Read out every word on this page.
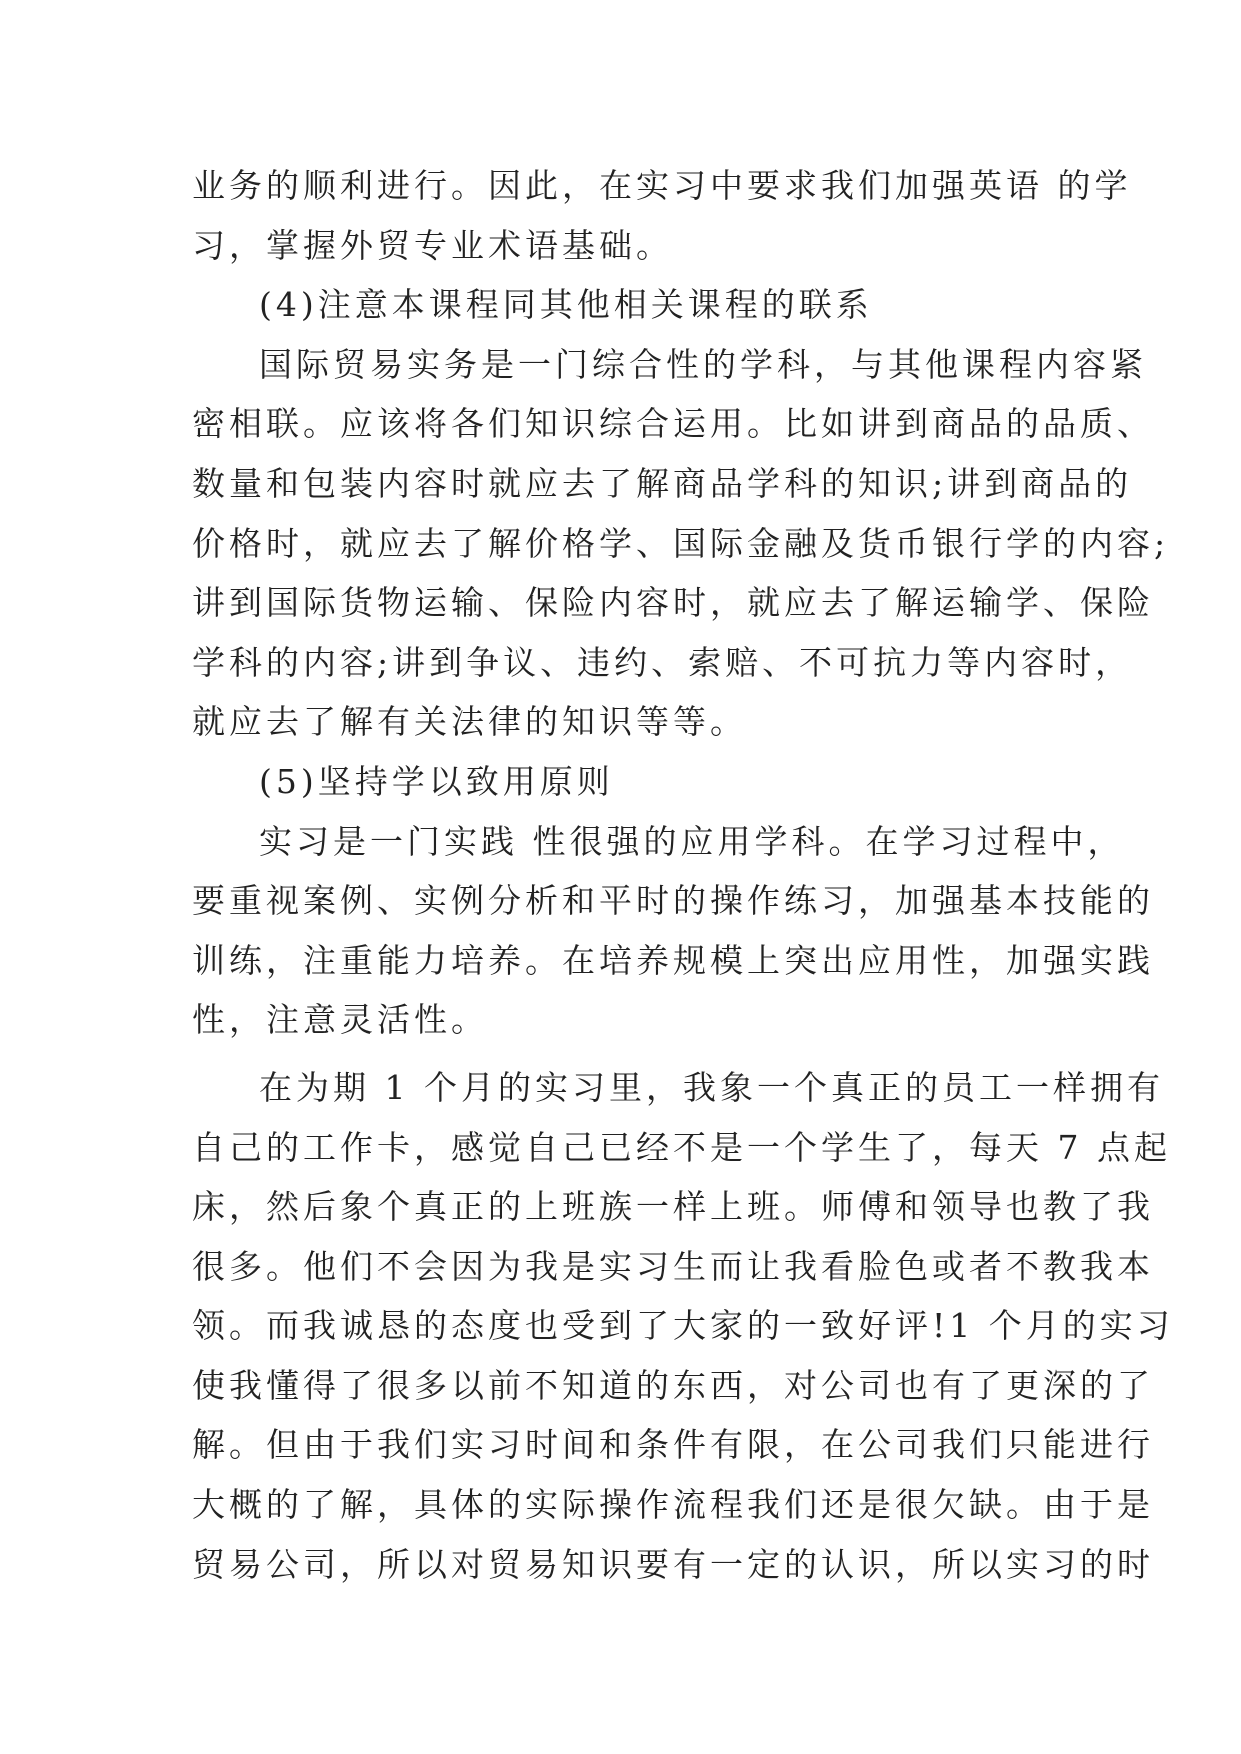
业务的顺利进行。因此，在实习中要求我们加强英语 的学
习，掌握外贸专业术语基础。
(4)注意本课程同其他相关课程的联系
国际贸易实务是一门综合性的学科，与其他课程内容紧
密相联。应该将各们知识综合运用。比如讲到商品的品质、
数量和包装内容时就应去了解商品学科的知识;讲到商品的
价格时，就应去了解价格学、国际金融及货币银行学的内容;
讲到国际货物运输、保险内容时，就应去了解运输学、保险
学科的内容;讲到争议、违约、索赔、不可抗力等内容时，
就应去了解有关法律的知识等等。
(5)坚持学以致用原则
实习是一门实践 性很强的应用学科。在学习过程中，
要重视案例、实例分析和平时的操作练习，加强基本技能的
训练，注重能力培养。在培养规模上突出应用性，加强实践
性，注意灵活性。
在为期 1 个月的实习里，我象一个真正的员工一样拥有
自己的工作卡，感觉自己已经不是一个学生了，每天 7 点起
床，然后象个真正的上班族一样上班。师傅和领导也教了我
很多。他们不会因为我是实习生而让我看脸色或者不教我本
领。而我诚恳的态度也受到了大家的一致好评!1 个月的实习
使我懂得了很多以前不知道的东西，对公司也有了更深的了
解。但由于我们实习时间和条件有限，在公司我们只能进行
大概的了解，具体的实际操作流程我们还是很欠缺。由于是
贸易公司，所以对贸易知识要有一定的认识，所以实习的时
